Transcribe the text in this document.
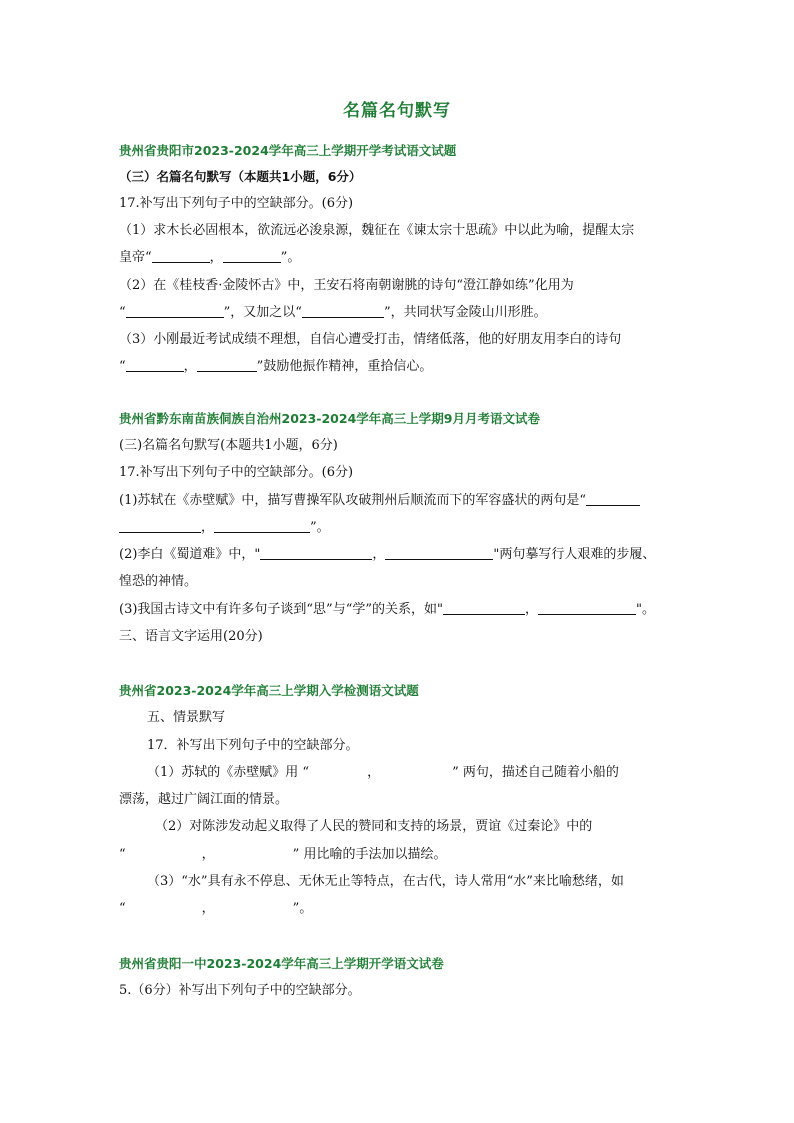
名篇名句默写
贵州省贵阳市2023-2024学年高三上学期开学考试语文试题
（三）名篇名句默写（本题共1小题，6分）
17.补写出下列句子中的空缺部分。(6分)
（1）求木长必固根本，欲流远必浚泉源，魏征在《谏太宗十思疏》中以此为喻，提醒太宗
皇帝“	，	”。
（2）在《桂枝香·金陵怀古》中，王安石将南朝谢朓的诗句“澄江静如练”化用为
“	”，又加之以“	”，共同状写金陵山川形胜。
（3）小刚最近考试成绩不理想，自信心遭受打击，情绪低落，他的好朋友用李白的诗句
“	，	”鼓励他振作精神，重拾信心。
贵州省黔东南苗族侗族自治州2023-2024学年高三上学期9月月考语文试卷
(三)名篇名句默写(本题共1小题，6分)
17.补写出下列句子中的空缺部分。(6分)
(1)苏轼在《赤壁赋》中，描写曹操军队攻破荆州后顺流而下的军容盛状的两句是“
，	”。
(2)李白《蜀道难》中，"	，	"两句摹写行人艰难的步履、
惶恐的神情。
(3)我国古诗文中有许多句子谈到“思”与“学”的关系，如"	，	"。
三、语言文字运用(20分)
贵州省2023-2024学年高三上学期入学检测语文试题
五、情景默写
17．补写出下列句子中的空缺部分。
（1）苏轼的《赤壁赋》用 “	，	” 两句，描述自己随着小船的
漂荡，越过广阔江面的情景。
（2）对陈涉发动起义取得了人民的赞同和支持的场景，贾谊《过秦论》中的
“	，	” 用比喻的手法加以描绘。
（3）“水”具有永不停息、无休无止等特点，在古代，诗人常用“水”来比喻愁绪，如
“	，	”。
贵州省贵阳一中2023-2024学年高三上学期开学语文试卷
5.（6分）补写出下列句子中的空缺部分。
